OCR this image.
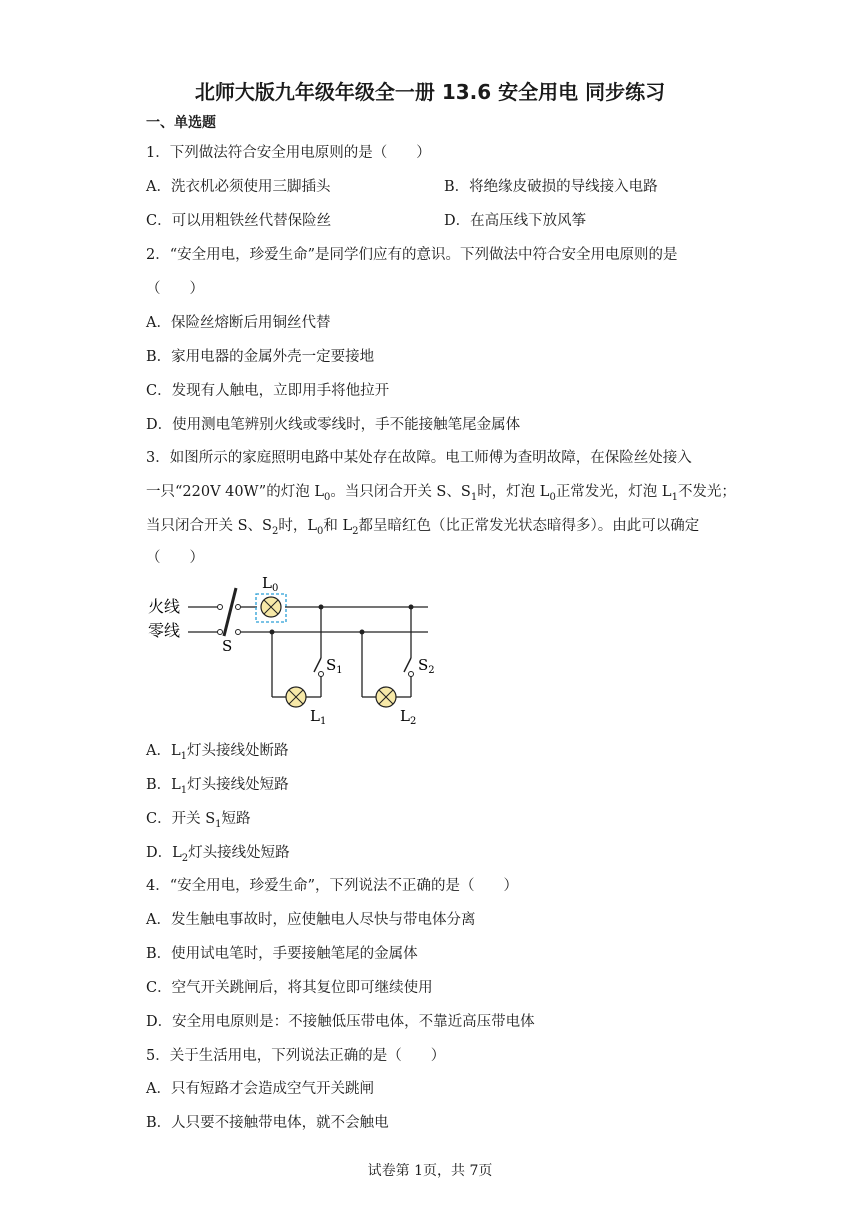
北师大版九年级年级全一册 13.6 安全用电 同步练习
一、单选题
1．下列做法符合安全用电原则的是（　　）
A．洗衣机必须使用三脚插头	B．将绝缘皮破损的导线接入电路
C．可以用粗铁丝代替保险丝	D．在高压线下放风筝
2．“安全用电，珍爱生命”是同学们应有的意识。下列做法中符合安全用电原则的是
（　　）
A．保险丝熔断后用铜丝代替
B．家用电器的金属外壳一定要接地
C．发现有人触电，立即用手将他拉开
D．使用测电笔辨别火线或零线时，手不能接触笔尾金属体
3．如图所示的家庭照明电路中某处存在故障。电工师傅为查明故障，在保险丝处接入
一只“220V 40W”的灯泡 $L_0$。当只闭合开关 S、$S_1$时，灯泡 $L_0$正常发光，灯泡 $L_1$不发光；
当只闭合开关 S、$S_2$时，$L_0$和 $L_2$都呈暗红色（比正常发光状态暗得多）。由此可以确定
（　　）
火线
零线
S
$L_0$
$S_1$
$L_1$
$S_2$
$L_2$
A．$L_1$灯头接线处断路
B．$L_1$灯头接线处短路
C．开关 $S_1$短路
D．$L_2$灯头接线处短路
4．“安全用电，珍爱生命”，下列说法不正确的是（　　）
A．发生触电事故时，应使触电人尽快与带电体分离
B．使用试电笔时，手要接触笔尾的金属体
C．空气开关跳闸后，将其复位即可继续使用
D．安全用电原则是：不接触低压带电体，不靠近高压带电体
5．关于生活用电，下列说法正确的是（　　）
A．只有短路才会造成空气开关跳闸
B．人只要不接触带电体，就不会触电
试卷第 1页，共 7页
